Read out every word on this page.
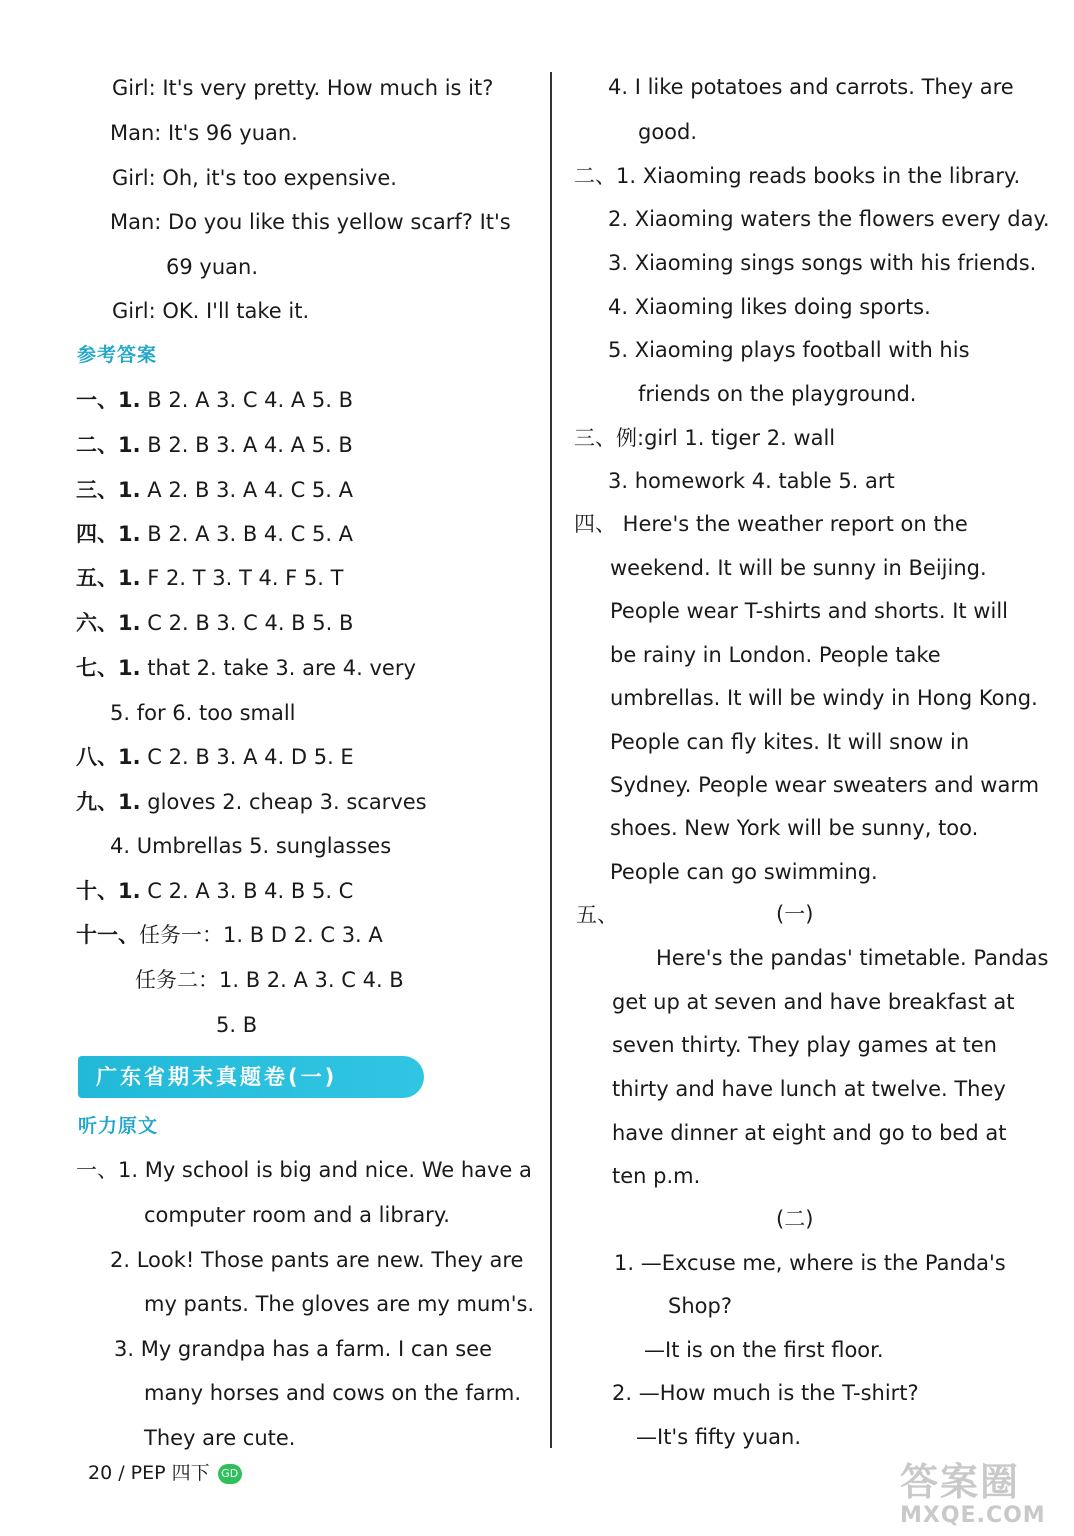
Girl: It's very pretty. How much is it?
Man: It's 96 yuan.
Girl: Oh, it's too expensive.
Man: Do you like this yellow scarf? It's
69 yuan.
Girl: OK. I'll take it.
参考答案
一、1. B 2. A 3. C 4. A 5. B
二、1. B 2. B 3. A 4. A 5. B
三、1. A 2. B 3. A 4. C 5. A
四、1. B 2. A 3. B 4. C 5. A
五、1. F 2. T 3. T 4. F 5. T
六、1. C 2. B 3. C 4. B 5. B
七、1. that 2. take 3. are 4. very
5. for 6. too small
八、1. C 2. B 3. A 4. D 5. E
九、1. gloves 2. cheap 3. scarves
4. Umbrellas 5. sunglasses
十、1. C 2. A 3. B 4. B 5. C
十一、任务一：1. B D 2. C 3. A
任务二：1. B 2. A 3. C 4. B
5. B
广东省期末真题卷(一)
听力原文
一、1. My school is big and nice. We have a
computer room and a library.
2. Look! Those pants are new. They are
my pants. The gloves are my mum's.
3. My grandpa has a farm. I can see
many horses and cows on the farm.
They are cute.
4. I like potatoes and carrots. They are
good.
二、1. Xiaoming reads books in the library.
2. Xiaoming waters the flowers every day.
3. Xiaoming sings songs with his friends.
4. Xiaoming likes doing sports.
5. Xiaoming plays football with his
friends on the playground.
三、例:girl 1. tiger 2. wall
3. homework 4. table 5. art
四、 Here's the weather report on the
weekend. It will be sunny in Beijing.
People wear T-shirts and shorts. It will
be rainy in London. People take
umbrellas. It will be windy in Hong Kong.
People can fly kites. It will snow in
Sydney. People wear sweaters and warm
shoes. New York will be sunny, too.
People can go swimming.
五、	(一)
Here's the pandas' timetable. Pandas
get up at seven and have breakfast at
seven thirty. They play games at ten
thirty and have lunch at twelve. They
have dinner at eight and go to bed at
ten p.m.
(二)
1. —Excuse me, where is the Panda's
Shop?
—It is on the first floor.
2. —How much is the T-shirt?
—It's fifty yuan.
20 / PEP 四下 GD	答案圈
MXQE.COM
